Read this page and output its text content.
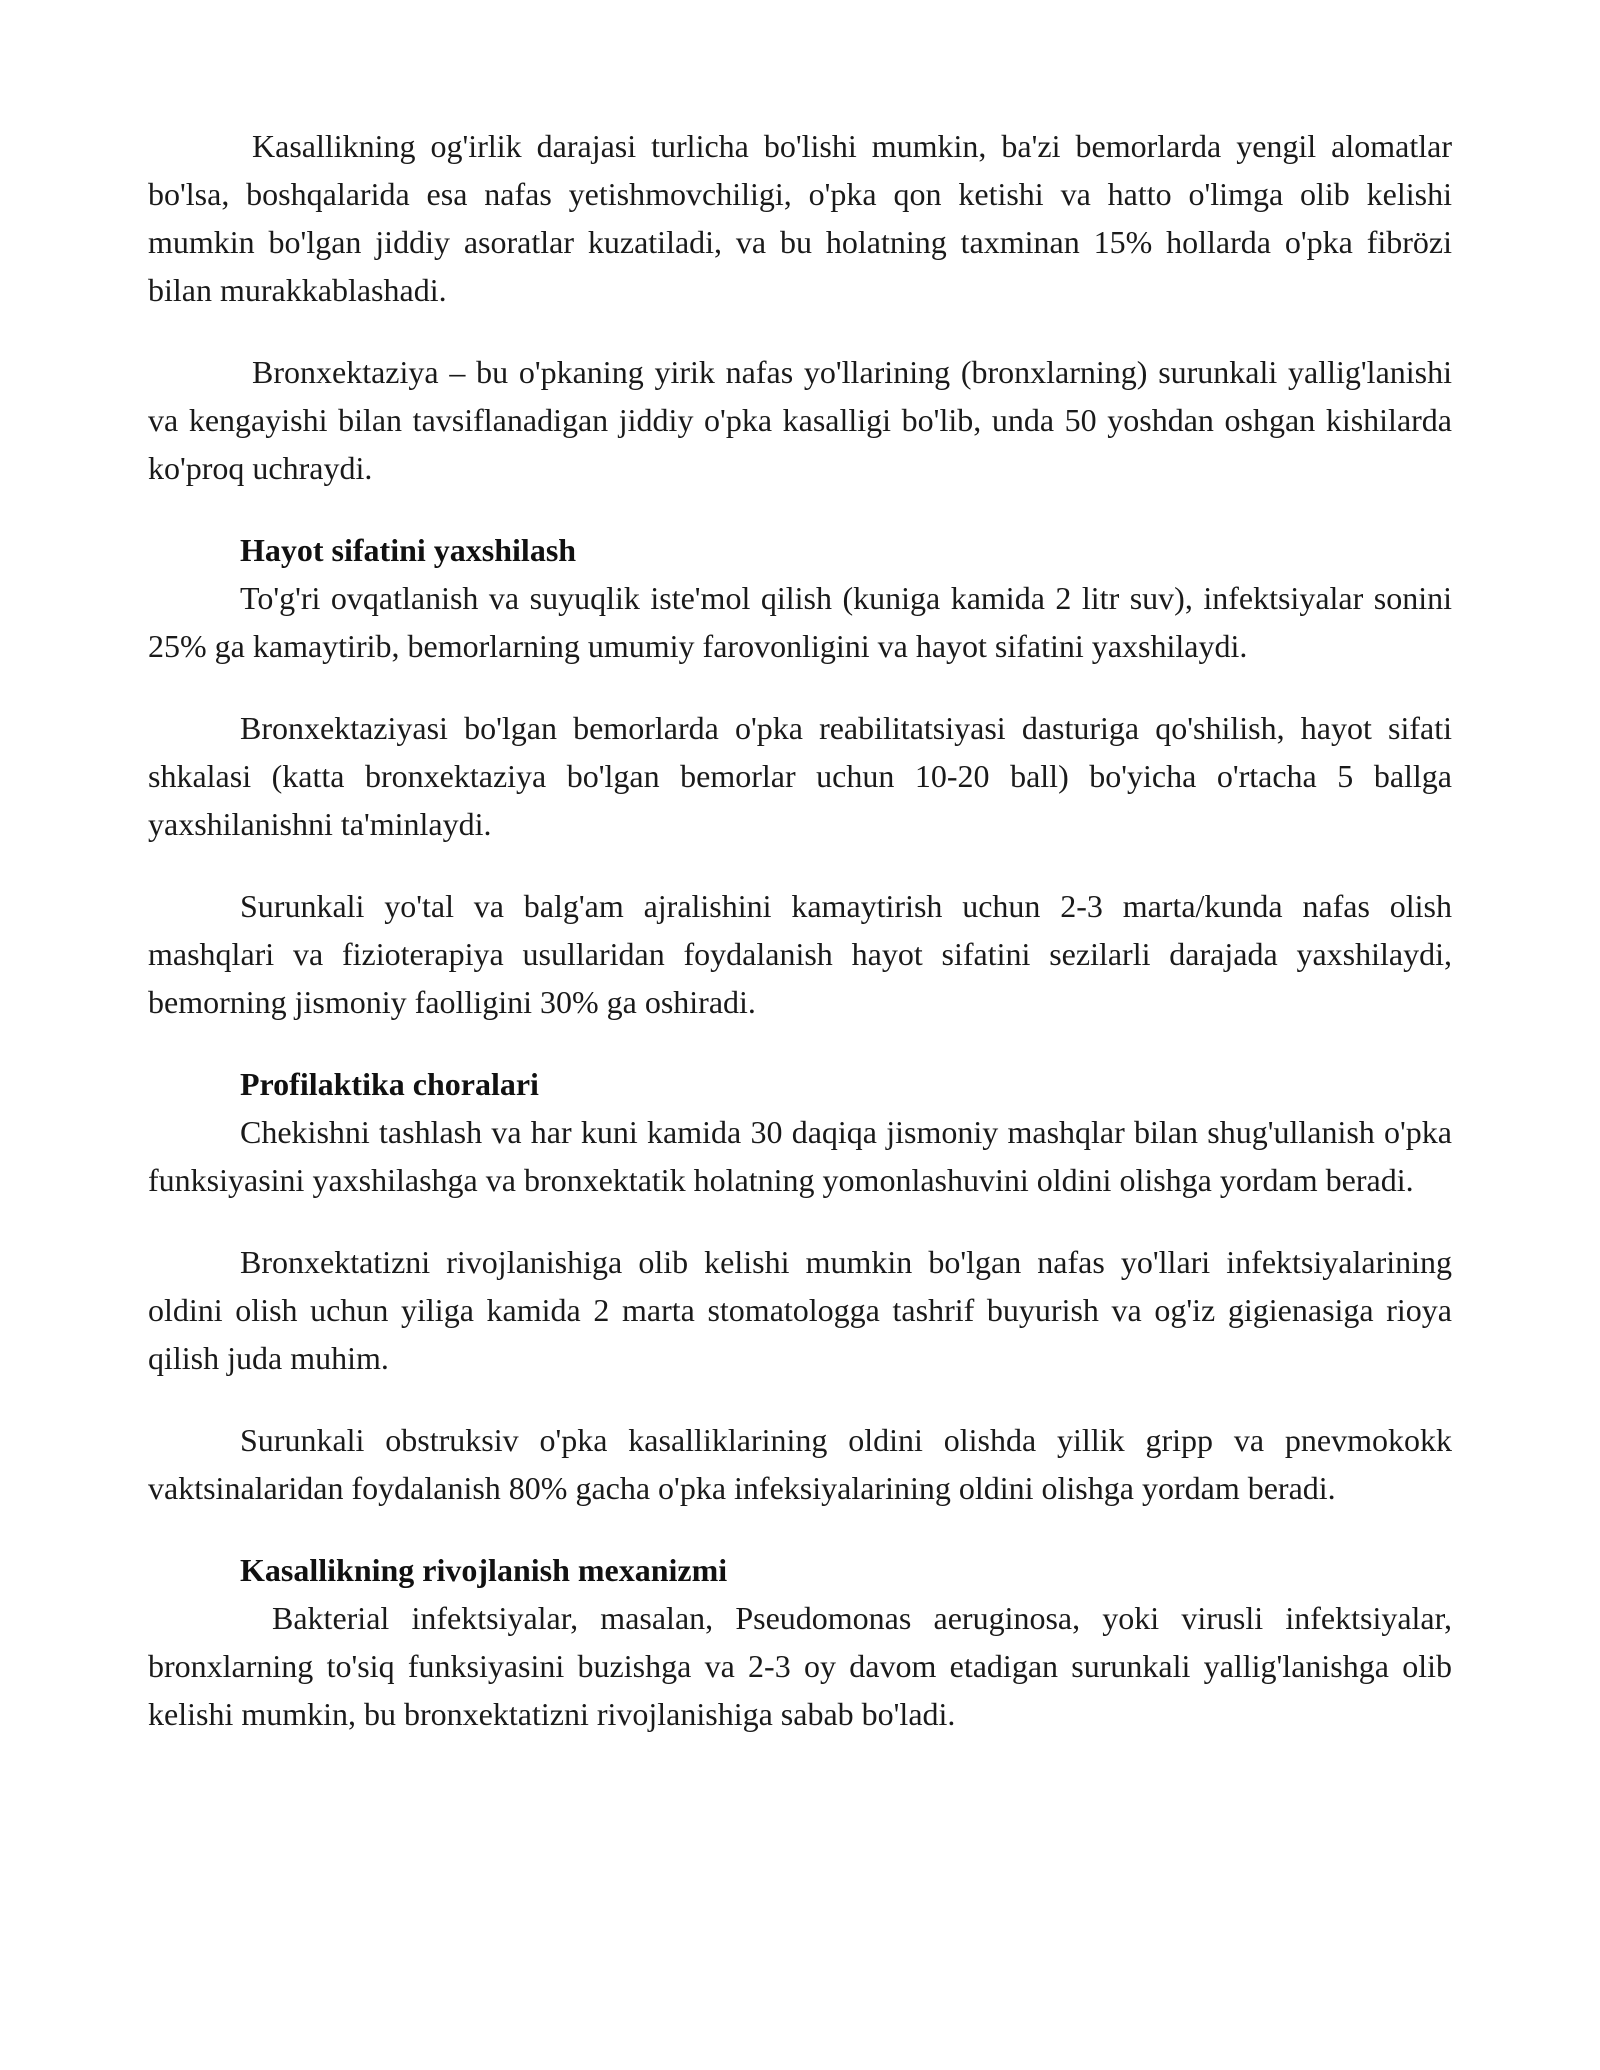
Kasallikning og'irlik darajasi turlicha bo'lishi mumkin, ba'zi bemorlarda yengil alomatlar bo'lsa, boshqalarida esa nafas yetishmovchiligi, o'pka qon ketishi va hatto o'limga olib kelishi mumkin bo'lgan jiddiy asoratlar kuzatiladi, va bu holatning taxminan 15% hollarda o'pka fibrözi bilan murakkablashadi.

Bronxektaziya – bu o'pkaning yirik nafas yo'llarining (bronxlarning) surunkali yallig'lanishi va kengayishi bilan tavsiflanadigan jiddiy o'pka kasalligi bo'lib, unda 50 yoshdan oshgan kishilarda ko'proq uchraydi.

Hayot sifatini yaxshilash

To'g'ri ovqatlanish va suyuqlik iste'mol qilish (kuniga kamida 2 litr suv), infektsiyalar sonini 25% ga kamaytirib, bemorlarning umumiy farovonligini va hayot sifatini yaxshilaydi.

Bronxektaziyasi bo'lgan bemorlarda o'pka reabilitatsiyasi dasturiga qo'shilish, hayot sifati shkalasi (katta bronxektaziya bo'lgan bemorlar uchun 10-20 ball) bo'yicha o'rtacha 5 ballga yaxshilanishni ta'minlaydi.

Surunkali yo'tal va balg'am ajralishini kamaytirish uchun 2-3 marta/kunda nafas olish mashqlari va fizioterapiya usullaridan foydalanish hayot sifatini sezilarli darajada yaxshilaydi, bemorning jismoniy faolligini 30% ga oshiradi.

Profilaktika choralari

Chekishni tashlash va har kuni kamida 30 daqiqa jismoniy mashqlar bilan shug'ullanish o'pka funksiyasini yaxshilashga va bronxektatik holatning yomonlashuvini oldini olishga yordam beradi.

Bronxektatizni rivojlanishiga olib kelishi mumkin bo'lgan nafas yo'llari infektsiyalarining oldini olish uchun yiliga kamida 2 marta stomatologga tashrif buyurish va og'iz gigienasiga rioya qilish juda muhim.

Surunkali obstruksiv o'pka kasalliklarining oldini olishda yillik gripp va pnevmokokk vaktsinalaridan foydalanish 80% gacha o'pka infeksiyalarining oldini olishga yordam beradi.

Kasallikning rivojlanish mexanizmi

Bakterial infektsiyalar, masalan, Pseudomonas aeruginosa, yoki virusli infektsiyalar, bronxlarning to'siq funksiyasini buzishga va 2-3 oy davom etadigan surunkali yallig'lanishga olib kelishi mumkin, bu bronxektatizni rivojlanishiga sabab bo'ladi.
